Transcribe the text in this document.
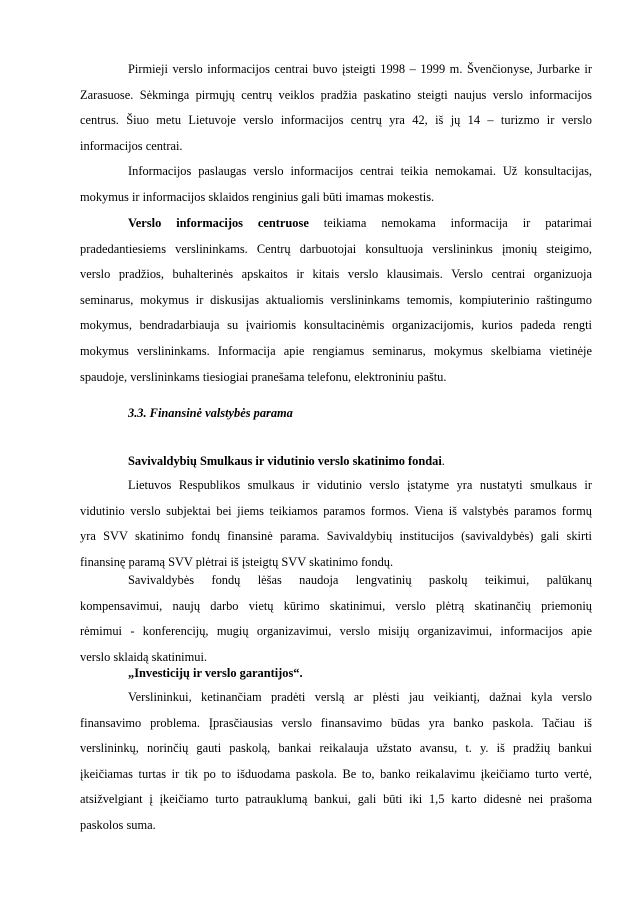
Pirmieji verslo informacijos centrai buvo įsteigti 1998 – 1999 m. Švenčionyse, Jurbarke ir
Zarasuose. Sėkminga pirmųjų centrų veiklos pradžia paskatino steigti naujus verslo informacijos
centrus. Šiuo metu Lietuvoje verslo informacijos centrų yra 42, iš jų 14 – turizmo ir verslo
informacijos centrai.
Informacijos paslaugas verslo informacijos centrai teikia nemokamai. Už konsultacijas,
mokymus ir informacijos sklaidos renginius gali būti imamas mokestis.
Verslo informacijos centruose teikiama nemokama informacija ir patarimai
pradedantiesiems verslininkams. Centrų darbuotojai konsultuoja verslininkus įmonių steigimo,
verslo pradžios, buhalterinės apskaitos ir kitais verslo klausimais. Verslo centrai organizuoja
seminarus, mokymus ir diskusijas aktualiomis verslininkams temomis, kompiuterinio raštingumo
mokymus, bendradarbiauja su įvairiomis konsultacinėmis organizacijomis, kurios padeda rengti
mokymus verslininkams. Informacija apie rengiamus seminarus, mokymus skelbiama vietinėje
spaudoje, verslininkams tiesiogiai pranešama telefonu, elektroniniu paštu.
3.3. Finansinė valstybės parama
Savivaldybių Smulkaus ir vidutinio verslo skatinimo fondai.
Lietuvos Respublikos smulkaus ir vidutinio verslo įstatyme yra nustatyti smulkaus ir
vidutinio verslo subjektai bei jiems teikiamos paramos formos. Viena iš valstybės paramos formų
yra SVV skatinimo fondų finansinė parama. Savivaldybių institucijos (savivaldybės) gali skirti
finansinę paramą SVV plėtrai iš įsteigtų SVV skatinimo fondų.
Savivaldybės fondų lėšas naudoja lengvatinių paskolų teikimui, palūkanų
kompensavimui, naujų darbo vietų kūrimo skatinimui, verslo plėtrą skatinančių priemonių
rėmimui - konferencijų, mugių organizavimui, verslo misijų organizavimui, informacijos apie
verslo sklaidą skatinimui.
„Investicijų ir verslo garantijos“.
Verslininkui, ketinančiam pradėti verslą ar plėsti jau veikiantį, dažnai kyla verslo
finansavimo problema. Įprasčiausias verslo finansavimo būdas yra banko paskola. Tačiau iš
verslininkų, norinčių gauti paskolą, bankai reikalauja užstato avansu, t. y. iš pradžių bankui
įkeičiamas turtas ir tik po to išduodama paskola. Be to, banko reikalavimu įkeičiamo turto vertė,
atsižvelgiant į įkeičiamo turto patrauklumą bankui, gali būti iki 1,5 karto didesnė nei prašoma
paskolos suma.
